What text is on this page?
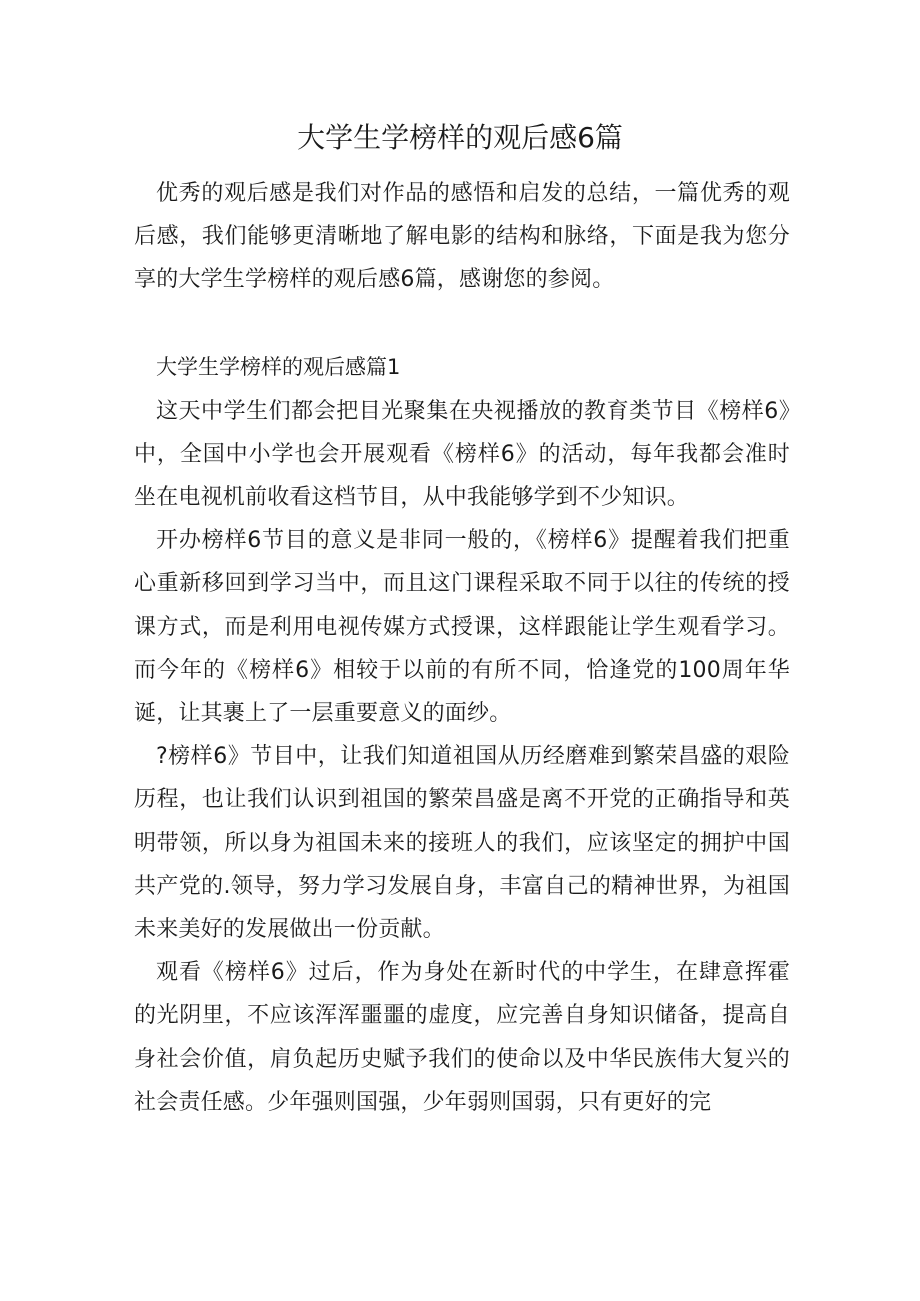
大学生学榜样的观后感6篇

优秀的观后感是我们对作品的感悟和启发的总结，一篇优秀的观后感，我们能够更清晰地了解电影的结构和脉络，下面是我为您分享的大学生学榜样的观后感6篇，感谢您的参阅。

大学生学榜样的观后感篇1

这天中学生们都会把目光聚集在央视播放的教育类节目《榜样6》中，全国中小学也会开展观看《榜样6》的活动，每年我都会准时坐在电视机前收看这档节目，从中我能够学到不少知识。

开办榜样6节目的意义是非同一般的，《榜样6》提醒着我们把重心重新移回到学习当中，而且这门课程采取不同于以往的传统的授课方式，而是利用电视传媒方式授课，这样跟能让学生观看学习。而今年的《榜样6》相较于以前的有所不同，恰逢党的100周年华诞，让其裹上了一层重要意义的面纱。

?榜样6》节目中，让我们知道祖国从历经磨难到繁荣昌盛的艰险历程，也让我们认识到祖国的繁荣昌盛是离不开党的正确指导和英明带领，所以身为祖国未来的接班人的我们，应该坚定的拥护中国共产党的.领导，努力学习发展自身，丰富自己的精神世界，为祖国未来美好的发展做出一份贡献。

观看《榜样6》过后，作为身处在新时代的中学生，在肆意挥霍的光阴里，不应该浑浑噩噩的虚度，应完善自身知识储备，提高自身社会价值，肩负起历史赋予我们的使命以及中华民族伟大复兴的社会责任感。少年强则国强，少年弱则国弱，只有更好的完
